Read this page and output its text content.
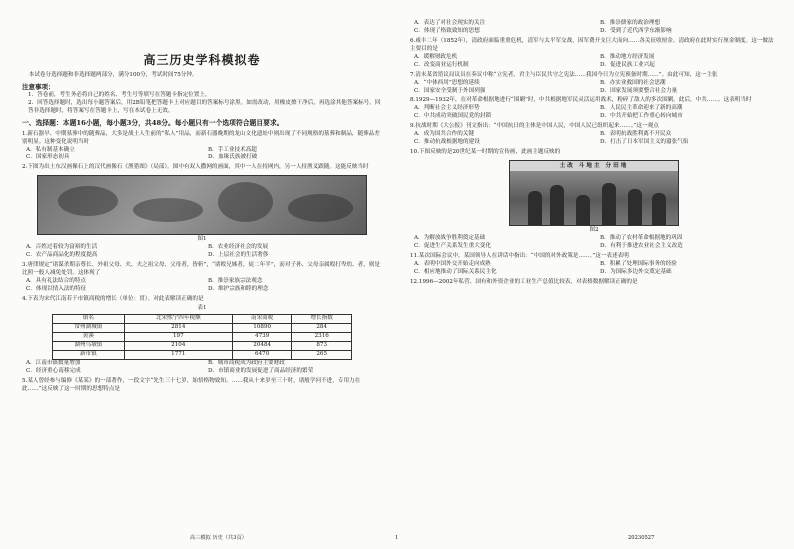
高三历史学科模拟卷
本试卷分选择题和非选择题两部分，满分100分，考试时间75分钟。
注意事项：
1．答卷前，考生务必将自己的姓名、考生号等填写在答题卡指定位置上。
2．回答选择题时，选出每小题答案后，用2B铅笔把答题卡上对应题目的答案标号涂黑。如需改动，用橡皮擦干净后，再选涂其他答案标号。回答非选择题时，将答案写在答题卡上，写在本试卷上无效。
一、选择题：本题16小题，每小题3分，共48分。每小题只有一个选项符合题目要求。
1.新石器早、中期墓葬中的随葬品，大多是战士人生前的“私人”用品，而新石器晚期的龙山文化遗址中则出现了不同规格的墓葬和制品，随葬品差别明显。这种变化说明当时
A．私有制基本确立	B．手工业技术高超
C．国家形态初具	D．血缘氏族被打破
2.下图为出土东汉画像石上的汉代画像石《渔猎图》（局部）。图中有双人撒网的画面，其中一人在持网内，另一人持渔叉跟随。这能反映当时
图1
A．百姓过着较为富裕的生活	B．农业经济社会的发展
C．农产品商品化的程度提高	D．上层社会的生活奢侈
3.唐律规定“诸谋杀期亲尊长、外祖父母、夫、夫之祖父母、父母者，皆斩”，“诸殴兄姊者，徒二年半”，而对子孙、父母亲属殴打卑幼、者，则是比照一般人减免处罚。这体现了
A．具有礼法结合的特点	B．推崇家族宗法观念
C．体现以情入法的特征	D．维护宗族和睦的理念
4.下表为宋代江南若干市镇商税的增长（单位：贯）。对此表解读正确的是
表1
镇名	北宋熙宁四年税额	南宋商税	增长指数
常州湖城镇	2814	10890	284
黄溪	197	4739	2316
湖州乌墩镇	2104	20484	873
新市镇	1771	6470	265
A．江南市镇数量增加	B．城市商税成为政府主要财政
C．经济重心南移完成	D．市镇商业的发展促进了商品经济的繁荣
5.某人曾经参与编修《某某》的一部著作，一段文字“先生三十七岁，始悟格物致知。……我从十来岁至三十时，诸般学问不进，专用力在此……”这反映了这一时期的思想特点是
A．表达了对社会现实的关注	B．推崇儒家的政治理想
C．体现了格致致知的思想	D．受到了近代西学东渐影响
6.咸丰二年（1852年），清政府面临重重危机，清军与太平军交战，因军费开支巨大而向……各关征收厘金。清政府在此时实行厘金制度。这一做法主要目的是
A．缓解财政危机	B．推动地方经济发展
C．改变商业运行机制	D．促进民族工业兴起
7.清末某省谘议局议员在奏议中称“立宪者，君主与臣民共守之宪法……我国今日为立宪预备时期……”。由此可知，这一主张
A．“中体西用”思想的延续	B．办实业救国的社会思潮
C．国家安全受制于外国列强	D．国家发展须要整合社会力量
8.1929—1932年，在对革命根据地进行“围剿”时，中共根据地军民灵活运用战术，粉碎了敌人的多次围剿。此后，中共……。这表明当时
A．判断社会主义经济形势	B．人民民主革命迎来了新的高潮
C．中共成功突破国民党的封锁	D．中共开始把工作重心转向城市
9.抗战时期《大公报》刊文指出：“中国抗日的主体是中国人民，中国人民已组织起来……。”这一观点
A．成为国共合作的关键	B．表明抗战胜利离不开民众
C．推动抗战根据地的建设	D．打击了日本军国主义的嚣张气焰
10.下图反映的是20世纪某一时期的宣传画，此画主题反映的
土改 斗地主 分田地
图2
A．为解放战争胜利奠定基础	B．推动了农村革命根据地的巩固
C．促进生产关系发生重大变化	D．有利于推进农业社会主义改造
11.某次国际会议中，某国领导人在讲话中指出：“中国的对外政策是……。”这一表述表明
A．表明中国外交开始走向成熟	B．积累了处理国际事务的经验
C．相应地推动了国际关系民主化	D．为国际多边外交奠定基础
12.1996—2002年私营、国有和外资企业的工业生产总值比较表，对表格数据解读正确的是
高三模拟 历史（共3页）	1	20230527
